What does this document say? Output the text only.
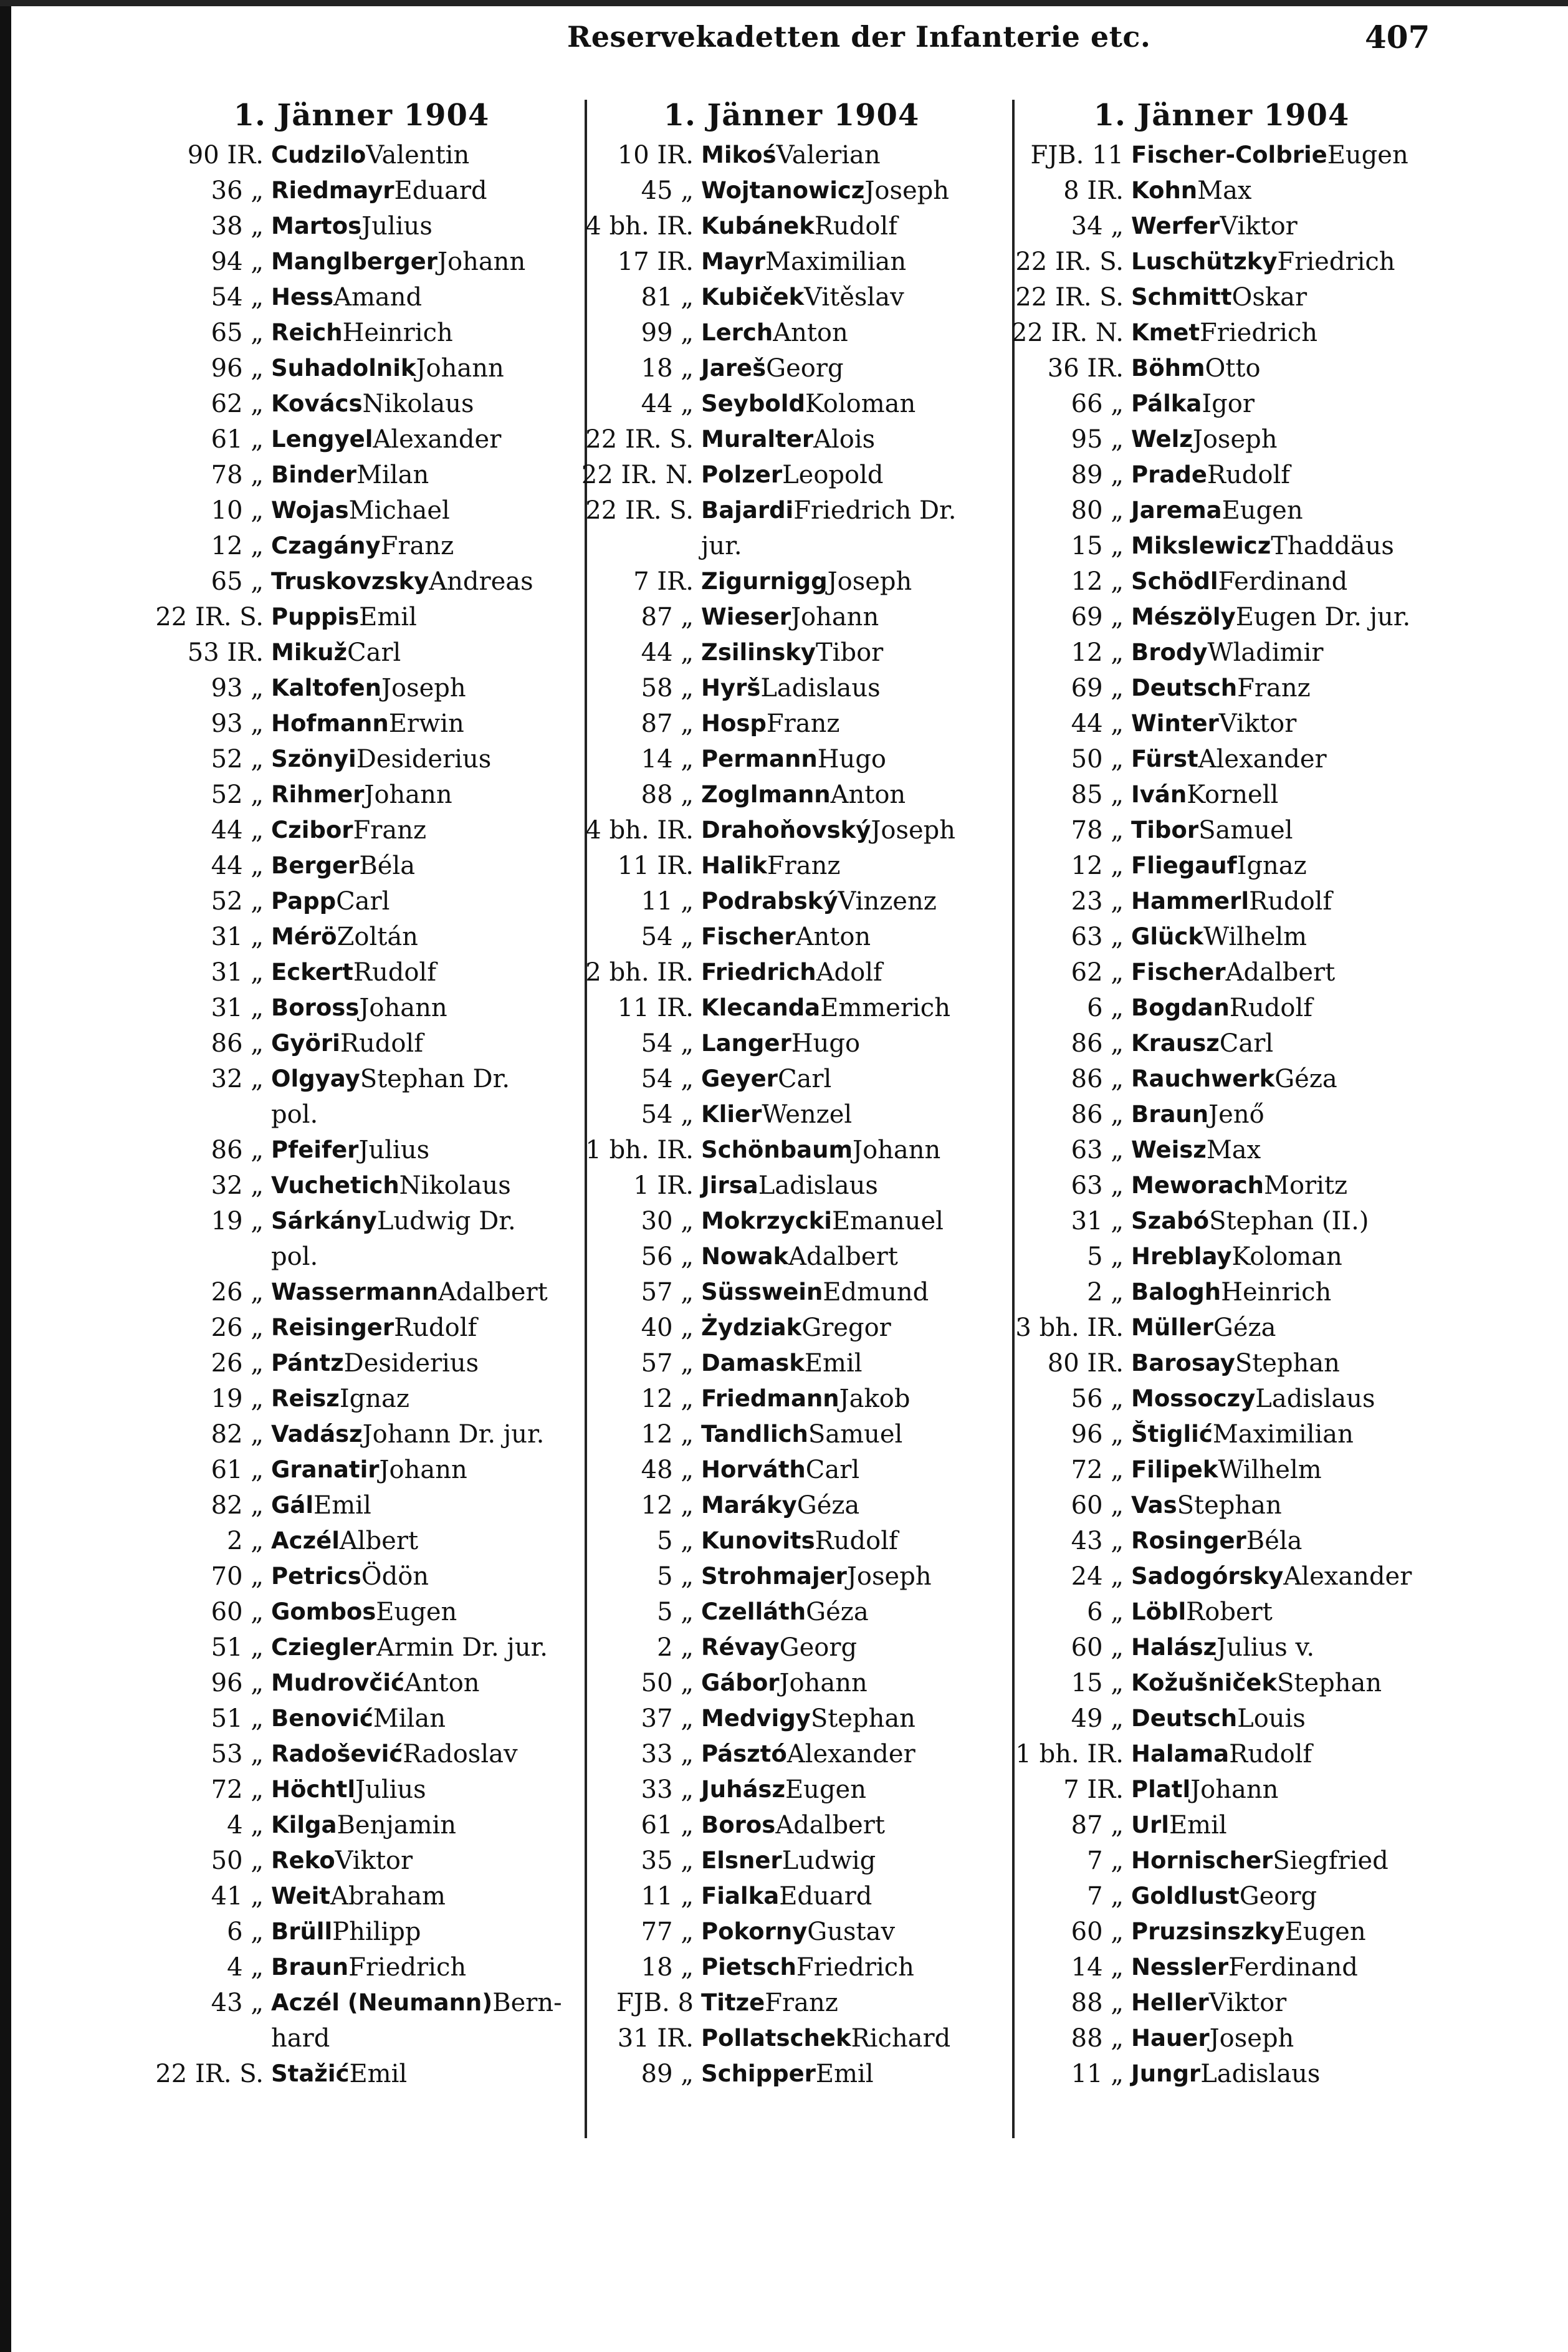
Reservekadetten der Infanterie etc.	407
1. Jänner 1904
90 IR. Cudzilo Valentin
36 „ Riedmayr Eduard
38 „ Martos Julius
94 „ Manglberger Johann
54 „ Hess Amand
65 „ Reich Heinrich
96 „ Suhadolnik Johann
62 „ Kovács Nikolaus
61 „ Lengyel Alexander
78 „ Binder Milan
10 „ Wojas Michael
12 „ Czagány Franz
65 „ Truskovzsky Andreas
22 IR. S. Puppis Emil
53 IR. Mikuž Carl
93 „ Kaltofen Joseph
93 „ Hofmann Erwin
52 „ Szönyi Desiderius
52 „ Rihmer Johann
44 „ Czibor Franz
44 „ Berger Béla
52 „ Papp Carl
31 „ Mérö Zoltán
31 „ Eckert Rudolf
31 „ Boross Johann
86 „ Györi Rudolf
32 „ Olgyay Stephan Dr.
pol.
86 „ Pfeifer Julius
32 „ Vuchetich Nikolaus
19 „ Sárkány Ludwig Dr.
pol.
26 „ Wassermann Adalbert
26 „ Reisinger Rudolf
26 „ Pántz Desiderius
19 „ Reisz Ignaz
82 „ Vadász Johann Dr. jur.
61 „ Granatir Johann
82 „ Gál Emil
2 „ Aczél Albert
70 „ Petrics Ödön
60 „ Gombos Eugen
51 „ Cziegler Armin Dr. jur.
96 „ Mudrovčić Anton
51 „ Benović Milan
53 „ Radošević Radoslav
72 „ Höchtl Julius
4 „ Kilga Benjamin
50 „ Reko Viktor
41 „ Weit Abraham
6 „ Brüll Philipp
4 „ Braun Friedrich
43 „ Aczél (Neumann) Bern-
hard
22 IR. S. Stažić Emil
1. Jänner 1904
10 IR. Mikoś Valerian
45 „ Wojtanowicz Joseph
4 bh. IR. Kubánek Rudolf
17 IR. Mayr Maximilian
81 „ Kubiček Vitěslav
99 „ Lerch Anton
18 „ Jareš Georg
44 „ Seybold Koloman
22 IR. S. Muralter Alois
22 IR. N. Polzer Leopold
22 IR. S. Bajardi Friedrich Dr.
jur.
7 IR. Zigurnigg Joseph
87 „ Wieser Johann
44 „ Zsilinsky Tibor
58 „ Hyrš Ladislaus
87 „ Hosp Franz
14 „ Permann Hugo
88 „ Zoglmann Anton
4 bh. IR. Drahoňovský Joseph
11 IR. Halik Franz
11 „ Podrabský Vinzenz
54 „ Fischer Anton
2 bh. IR. Friedrich Adolf
11 IR. Klecanda Emmerich
54 „ Langer Hugo
54 „ Geyer Carl
54 „ Klier Wenzel
1 bh. IR. Schönbaum Johann
1 IR. Jirsa Ladislaus
30 „ Mokrzycki Emanuel
56 „ Nowak Adalbert
57 „ Süsswein Edmund
40 „ Żydziak Gregor
57 „ Damask Emil
12 „ Friedmann Jakob
12 „ Tandlich Samuel
48 „ Horváth Carl
12 „ Maráky Géza
5 „ Kunovits Rudolf
5 „ Strohmajer Joseph
5 „ Czelláth Géza
2 „ Révay Georg
50 „ Gábor Johann
37 „ Medvigy Stephan
33 „ Pásztó Alexander
33 „ Juhász Eugen
61 „ Boros Adalbert
35 „ Elsner Ludwig
11 „ Fialka Eduard
77 „ Pokorny Gustav
18 „ Pietsch Friedrich
FJB. 8 Titze Franz
31 IR. Pollatschek Richard
89 „ Schipper Emil
1. Jänner 1904
FJB. 11 Fischer-Colbrie Eugen
8 IR. Kohn Max
34 „ Werfer Viktor
22 IR. S. Luschützky Friedrich
22 IR. S. Schmitt Oskar
22 IR. N. Kmet Friedrich
36 IR. Böhm Otto
66 „ Pálka Igor
95 „ Welz Joseph
89 „ Prade Rudolf
80 „ Jarema Eugen
15 „ Mikslewicz Thaddäus
12 „ Schödl Ferdinand
69 „ Mészöly Eugen Dr. jur.
12 „ Brody Wladimir
69 „ Deutsch Franz
44 „ Winter Viktor
50 „ Fürst Alexander
85 „ Iván Kornell
78 „ Tibor Samuel
12 „ Fliegauf Ignaz
23 „ Hammerl Rudolf
63 „ Glück Wilhelm
62 „ Fischer Adalbert
6 „ Bogdan Rudolf
86 „ Krausz Carl
86 „ Rauchwerk Géza
86 „ Braun Jenő
63 „ Weisz Max
63 „ Meworach Moritz
31 „ Szabó Stephan (II.)
5 „ Hreblay Koloman
2 „ Balogh Heinrich
3 bh. IR. Müller Géza
80 IR. Barosay Stephan
56 „ Mossoczy Ladislaus
96 „ Štiglić Maximilian
72 „ Filipek Wilhelm
60 „ Vas Stephan
43 „ Rosinger Béla
24 „ Sadogórsky Alexander
6 „ Löbl Robert
60 „ Halász Julius v.
15 „ Kožušniček Stephan
49 „ Deutsch Louis
1 bh. IR. Halama Rudolf
7 IR. Platl Johann
87 „ Url Emil
7 „ Hornischer Siegfried
7 „ Goldlust Georg
60 „ Pruzsinszky Eugen
14 „ Nessler Ferdinand
88 „ Heller Viktor
88 „ Hauer Joseph
11 „ Jungr Ladislaus
